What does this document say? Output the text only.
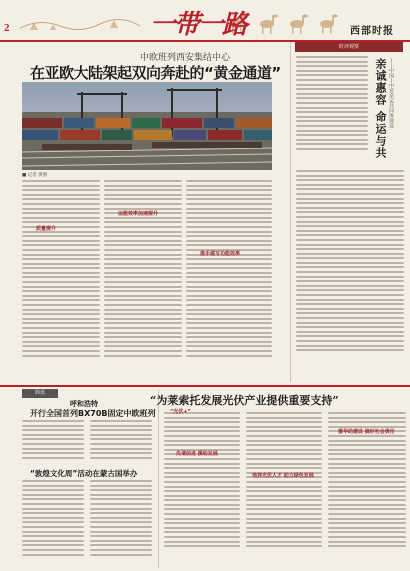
2	一带一路	西部时报
中欧班列西安集结中心
在亚欧大陆架起双向奔赴的“黄金通道”
■ 记者 供图
质量提升
运能效率加速提升
推手建写功能效率
时评观察
亲诚惠容 命运与共 ——中国—中亚命运共同体建设
简讯
呼和浩特
开行全国首列BX70B固定中欧班列
“敦煌文化周”活动在蒙古国举办
“为莱索托发展光伏产业提供重要支持”
“光伏+”
先请前进 援助发展
培养光伏人才 助力绿色发展
援华助建设 搞好社会责任
